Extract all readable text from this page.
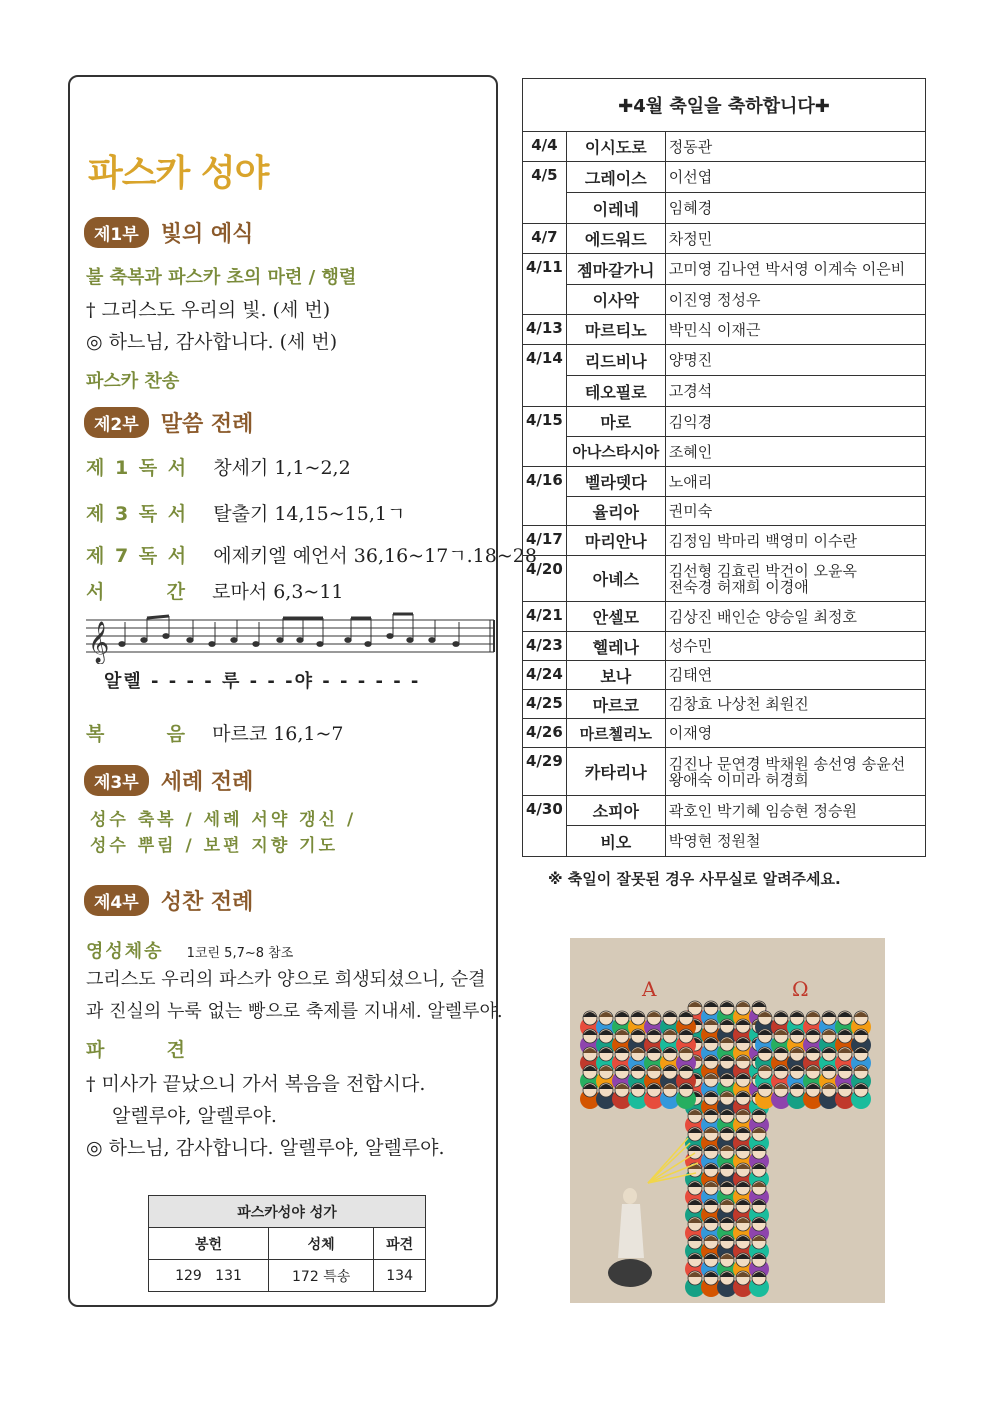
파스카 성야
제1부	빛의 예식
불 축복과 파스카 초의 마련 / 행렬
† 그리스도 우리의 빛. (세 번)
◎ 하느님, 감사합니다. (세 번)
파스카 찬송
제2부	말씀 전례
제 1 독 서 창세기 1,1~2,2
제 3 독 서 탈출기 14,15~15,1ㄱ
제 7 독 서 에제키엘 예언서 36,16~17ㄱ.18~28
서       간 로마서 6,3~11
𝄞
알렐 - - - - 루 - - -야 - - - - - -
복       음 마르코 16,1~7
제3부	세례 전례
성수 축복 / 세례 서약 갱신 /
성수 뿌림 / 보편 지향 기도
제4부	성찬 전례
영성체송 1코린 5,7~8 참조
그리스도 우리의 파스카 양으로 희생되셨으니, 순결
과 진실의 누룩 없는 빵으로 축제를 지내세. 알렐루야.
파       견
† 미사가 끝났으니 가서 복음을 전합시다.
알렐루야, 알렐루야.
◎ 하느님, 감사합니다. 알렐루야, 알렐루야.
파스카성야 성가		
봉헌	성체	파견
129   131	172 특송	134
✚4월 축일을 축하합니다✚		
4/4	이시도로	정동관
4/5	그레이스	이선엽
	이레네	임혜경
4/7	에드워드	차정민
4/11	젬마갈가니	고미영 김나연 박서영 이계숙 이은비
	이사악	이진영 정성우
4/13	마르티노	박민식 이재근
4/14	리드비나	양명진
	테오필로	고경석
4/15	마로	김익경
	아나스타시아	조혜인
4/16	벨라뎃다	노애리
	율리아	권미숙
4/17	마리안나	김정임 박마리 백영미 이수란
4/20	아녜스	김선형 김효린 박건이 오윤옥
전숙경 허재희 이경애

4/21	안셀모	김상진 배인순 양승일 최정호
4/23	헬레나	성수민
4/24	보나	김태연
4/25	마르코	김창효 나상천 최원진
4/26	마르첼리노	이재영
4/29	카타리나	김진나 문연경 박채원 송선영 송윤선
왕애숙 이미라 허경희

4/30	소피아	곽호인 박기혜 임승현 정승원
	비오	박영현 정원철
※ 축일이 잘못된 경우 사무실로 알려주세요.
A	Ω
